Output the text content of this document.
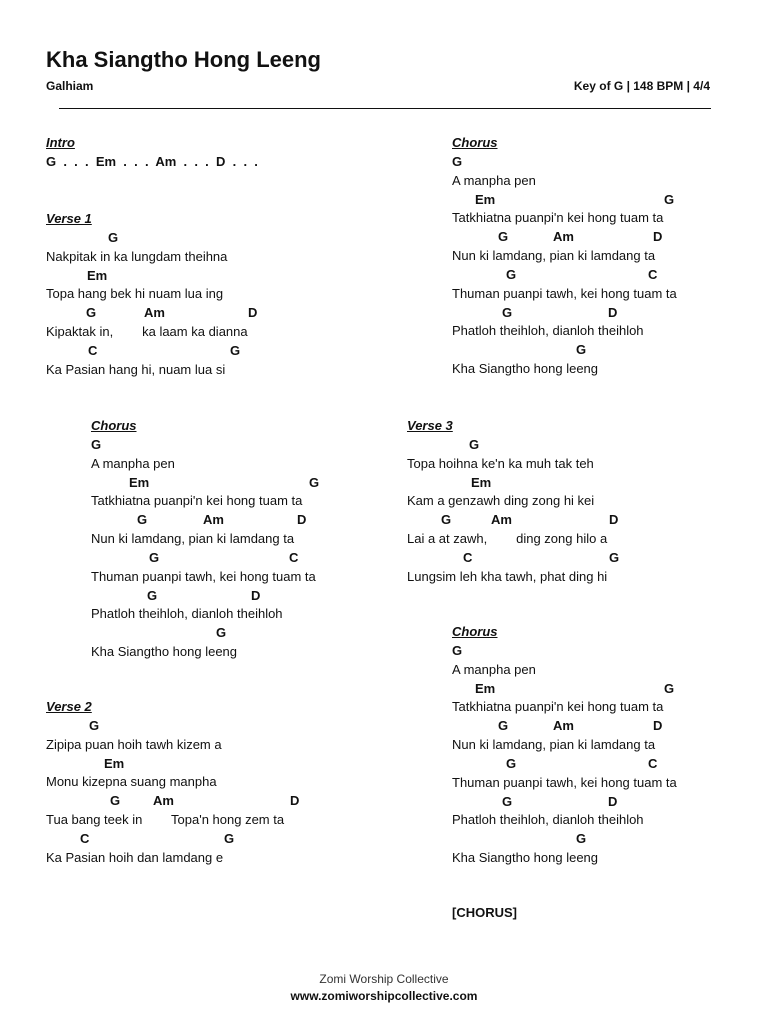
Kha Siangtho Hong Leeng
Galhiam	Key of G | 148 BPM | 4/4
Intro
G  .  .  .  Em  .  .  .  Am  .  .  .  D  .  .  .
Verse 1
G
Nakpitak in ka lungdam theihna
Em
Topa hang bek hi nuam lua ing
G	Am	D
Kipaktak in,        ka laam ka dianna
C	G
Ka Pasian hang hi, nuam lua si
Chorus
G
A manpha pen
Em	G
Tatkhiatna puanpi'n kei hong tuam ta
G	Am	D
Nun ki lamdang, pian ki lamdang ta
G	C
Thuman puanpi tawh, kei hong tuam ta
G	D
Phatloh theihloh, dianloh theihloh
G
Kha Siangtho hong leeng
Verse 2
G
Zipipa puan hoih tawh kizem a
Em
Monu kizepna suang manpha
G	Am	D
Tua bang teek in        Topa'n hong zem ta
C	G
Ka Pasian hoih dan lamdang e
Chorus
G
A manpha pen
Em	G
Tatkhiatna puanpi'n kei hong tuam ta
G	Am	D
Nun ki lamdang, pian ki lamdang ta
G	C
Thuman puanpi tawh, kei hong tuam ta
G	D
Phatloh theihloh, dianloh theihloh
G
Kha Siangtho hong leeng
Verse 3
G
Topa hoihna ke'n ka muh tak teh
Em
Kam a genzawh ding zong hi kei
G	Am	D
Lai a at zawh,        ding zong hilo a
C	G
Lungsim leh kha tawh, phat ding hi
Chorus
G
A manpha pen
Em	G
Tatkhiatna puanpi'n kei hong tuam ta
G	Am	D
Nun ki lamdang, pian ki lamdang ta
G	C
Thuman puanpi tawh, kei hong tuam ta
G	D
Phatloh theihloh, dianloh theihloh
G
Kha Siangtho hong leeng
[CHORUS]
Zomi Worship Collective
www.zomiworshipcollective.com
